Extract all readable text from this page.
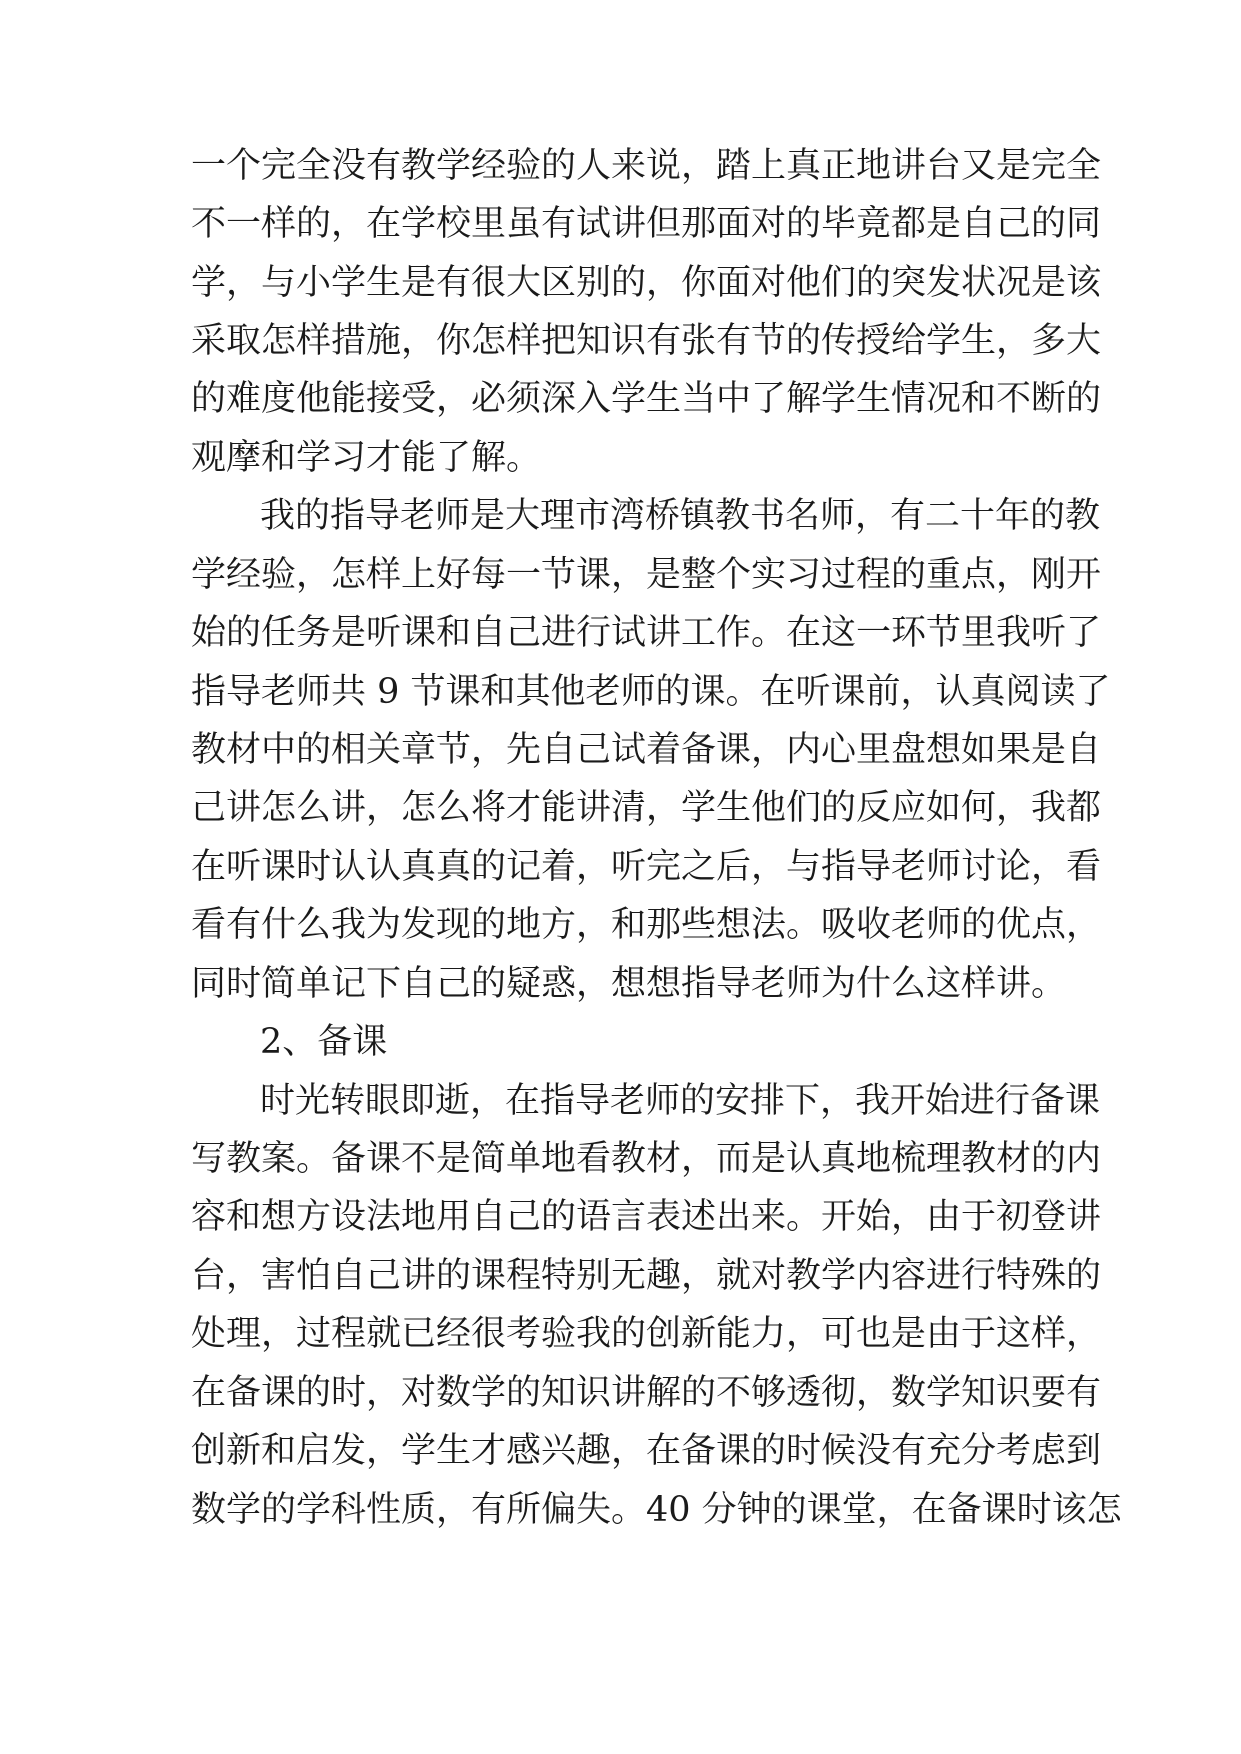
一个完全没有教学经验的人来说，踏上真正地讲台又是完全
不一样的，在学校里虽有试讲但那面对的毕竟都是自己的同
学，与小学生是有很大区别的，你面对他们的突发状况是该
采取怎样措施，你怎样把知识有张有节的传授给学生，多大
的难度他能接受，必须深入学生当中了解学生情况和不断的
观摩和学习才能了解。
我的指导老师是大理市湾桥镇教书名师，有二十年的教
学经验，怎样上好每一节课，是整个实习过程的重点，刚开
始的任务是听课和自己进行试讲工作。在这一环节里我听了
指导老师共 9 节课和其他老师的课。在听课前，认真阅读了
教材中的相关章节，先自己试着备课，内心里盘想如果是自
己讲怎么讲，怎么将才能讲清，学生他们的反应如何，我都
在听课时认认真真的记着，听完之后，与指导老师讨论，看
看有什么我为发现的地方，和那些想法。吸收老师的优点，
同时简单记下自己的疑惑，想想指导老师为什么这样讲。
2、备课
时光转眼即逝，在指导老师的安排下，我开始进行备课
写教案。备课不是简单地看教材，而是认真地梳理教材的内
容和想方设法地用自己的语言表述出来。开始，由于初登讲
台，害怕自己讲的课程特别无趣，就对教学内容进行特殊的
处理，过程就已经很考验我的创新能力，可也是由于这样，
在备课的时，对数学的知识讲解的不够透彻，数学知识要有
创新和启发，学生才感兴趣，在备课的时候没有充分考虑到
数学的学科性质，有所偏失。40 分钟的课堂，在备课时该怎
